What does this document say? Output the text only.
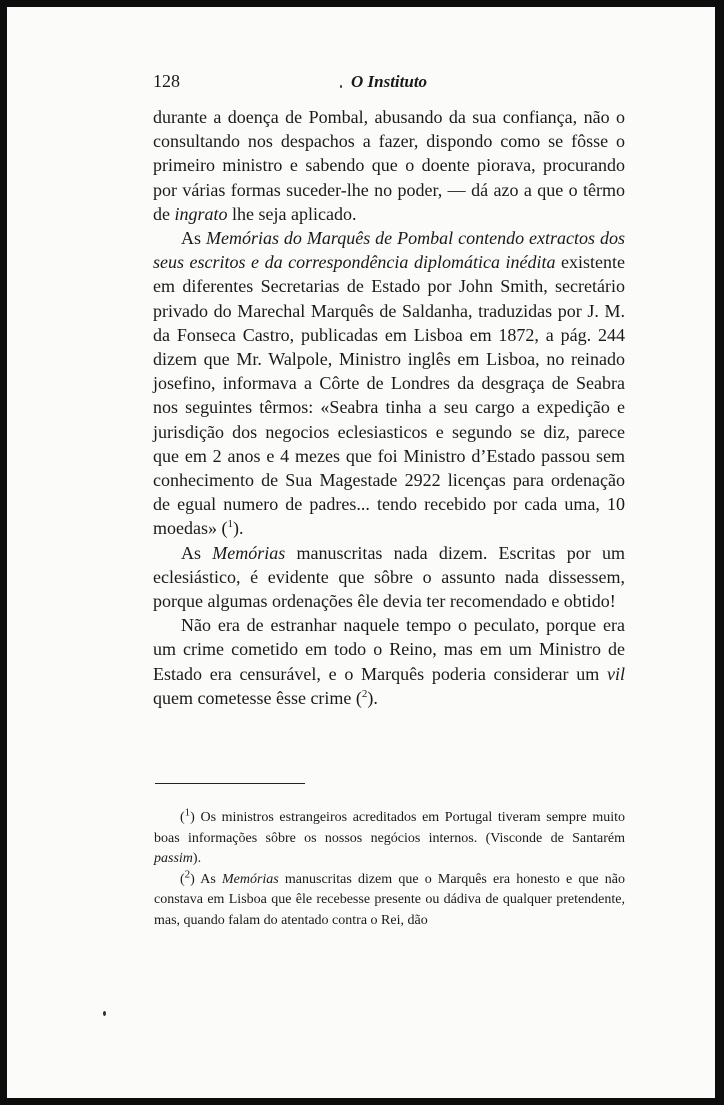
128	O Instituto

durante a doença de Pombal, abusando da sua confiança, não o consultando nos despachos a fazer, dispondo como se fôsse o primeiro ministro e sabendo que o doente piorava, procurando por várias formas suceder-lhe no poder, — dá azo a que o têrmo de ingrato lhe seja aplicado.

As Memórias do Marquês de Pombal contendo extractos dos seus escritos e da correspondência diplomática inédita existente em diferentes Secretarias de Estado por John Smith, secretário privado do Marechal Marquês de Saldanha, traduzidas por J. M. da Fonseca Castro, publicadas em Lisboa em 1872, a pág. 244 dizem que Mr. Walpole, Ministro inglês em Lisboa, no reinado josefino, informava a Côrte de Londres da desgraça de Seabra nos seguintes têrmos: «Seabra tinha a seu cargo a expedição e jurisdição dos negocios eclesiasticos e segundo se diz, parece que em 2 anos e 4 mezes que foi Ministro d’Estado passou sem conhecimento de Sua Magestade 2922 licenças para ordenação de egual numero de padres... tendo recebido por cada uma, 10 moedas» ($^1$).

As Memórias manuscritas nada dizem. Escritas por um eclesiástico, é evidente que sôbre o assunto nada dissessem, porque algumas ordenações êle devia ter recomendado e obtido!

Não era de estranhar naquele tempo o peculato, porque era um crime cometido em todo o Reino, mas em um Ministro de Estado era censurável, e o Marquês poderia considerar um vil quem cometesse êsse crime ($^2$).

($^1$) Os ministros estrangeiros acreditados em Portugal tiveram sempre muito boas informações sôbre os nossos negócios internos. (Visconde de Santarém passim).

($^2$) As Memórias manuscritas dizem que o Marquês era honesto e que não constava em Lisboa que êle recebesse presente ou dádiva de qualquer pretendente, mas, quando falam do atentado contra o Rei, dão
